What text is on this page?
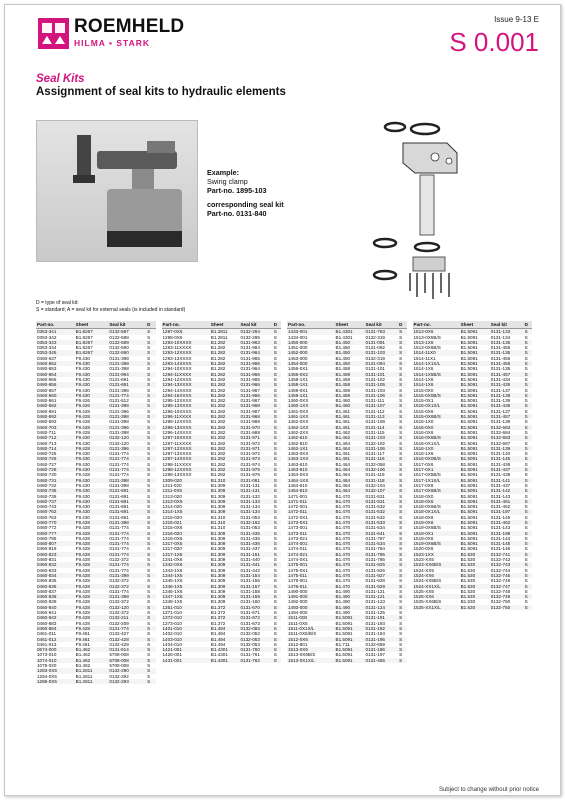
ROEMHELD
HILMA ▪ STARK
Issue 9-13 E
S 0.001
Seal Kits
Assignment of seal kits to hydraulic elements
Example:
Swing clamp
Part-no. 1895-103
corresponding seal kit
Part-no. 0131-840
D = type of seal kit:
S = standard; A = seal kit for external seals (is included in standard)
Part-no.	Sheet	Seal kit	D
0353-341	B1.8267	0132-587	S
0353-342	B1.8267	0132-588	S
0353-343	B1.8267	0132-589	S
0353-344	B1.8267	0132-590	S
0353-345	B1.8267	0132-590	S
0460-637	F9.430	0131-398	S
0460-652	F9.430	0131-398	S
0460-653	F9.430	0131-398	S
0460-654	F9.430	0131-994	S
0460-655	F9.430	0131-691	S
0460-656	F9.430	0131-691	S
0460-657	F9.430	0131-398	S
0460-660	F9.430	0131-774	S
0460-661	F9.426	0131-512	S
0460-682	F9.426	0131-398	S
0460-691	F9.428	0131-396	S
0460-692	F9.428	0131-398	S
0460-693	F9.428	0131-398	S
0460-703	F9.428	0131-396	S
0460-711	F9.428	0131-398	S
0460-712	F9.430	0132-120	S
0460-713	F9.430	0132-120	S
0460-714	F9.428	0131-396	S
0460-725	F9.430	0131-774	S
0460-726	F9.430	0131-774	S
0460-727	F9.430	0131-774	S
0460-728	F9.430	0131-774	S
0460-730	F9.428	0131-774	S
0460-731	F9.430	0131-398	S
0460-732	F9.430	0131-398	S
0460-735	F9.430	0131-691	S
0460-736	F9.430	0131-691	S
0460-737	F9.430	0131-691	S
0460-743	F9.430	0131-691	S
0460-762	F9.430	0131-691	S
0460-763	F9.430	0131-691	S
0460-770	F9.428	0131-398	S
0460-772	F9.428	0131-774	S
0460-777	F9.428	0131-774	S
0460-795	F9.428	0131-774	S
0460-807	F9.428	0131-774	S
0460-819	F9.428	0131-774	S
0460-823	F9.428	0131-774	S
0460-831	F9.428	0132-372	S
0460-832	F9.428	0131-774	S
0460-833	F9.428	0131-774	S
0460-834	F9.428	0131-399	S
0460-835	F9.428	0132-372	S
0460-836	F9.428	0132-372	S
0460-837	F9.428	0131-774	S
0460-838	F9.428	0131-398	S
0460-839	F9.428	0132-372	S
0460-840	F9.428	0132-120	S
0460-841	F9.428	0132-372	S
0460-842	F9.428	0132-211	S
0460-883	F9.428	0132-209	S
0460-884	F9.428	0131-774	S
0461-011	F9.461	0132-427	S
0461-012	F9.461	0132-428	S
0461-013	F9.461	0132-429	S
0674-000	B1.462	0131-614	S
1073-010	B1.462	5708-008	S
1074-010	B1.462	5708-008	S
1075-020	B1.462	5708-008	S
1283-0X5	B1.2811	0132-290	S
1284-0X5	B1.2811	0132-292	S
1286-0X5	B1.2811	0132-293	S
Part-no.	Sheet	Seal kit	D
1287-0X5	B1.2811	0132-294	S
1288-0X5	B1.2811	0132-295	S
1293-10XXXX	B1.282	0131-963	S
1293-11XXXX	B1.282	0131-964	S
1293-12XXXX	B1.282	0131-964	S
1293-13XXXX	B1.282	0131-965	S
1293-14XXXX	B1.282	0131-966	S
1294-10XXXX	B1.282	0131-964	S
1294-11XXXX	B1.282	0131-966	S
1294-12XXXX	B1.282	0131-965	S
1294-13XXXX	B1.282	0131-966	S
1294-14XXXX	B1.282	0131-967	S
1294-15XXXX	B1.282	0131-966	S
1295-12XXXX	B1.282	0131-967	S
1295-13XXXX	B1.282	0131-968	S
1296-10XXXX	B1.282	0131-967	S
1296-11XXXX	B1.282	0131-968	S
1296-12XXXX	B1.282	0131-969	S
1296-13XXXX	B1.282	0131-970	S
1296-14XXXX	B1.282	0131-969	S
1297-10XXXX	B1.282	0131-971	S
1297-11XXXX	B1.282	0131-972	S
1297-12XXXX	B1.282	0131-971	S
1297-13XXXX	B1.282	0131-972	S
1297-14XXXX	B1.282	0131-973	S
1298-11XXXX	B1.282	0131-974	S
1298-12XXXX	B1.282	0131-975	S
1298-13XXXX	B1.282	0131-976	S
1309-020	B1.310	0131-061	S
1311-020	B1.309	0131-131	S
1311-0X5	B1.309	0131-131	S
1313-020	B1.309	0131-132	S
1313-0X5	B1.309	0131-133	S
1314-020	B1.309	0131-134	S
1314-1X5	B1.309	0131-134	S
1315-020	B1.310	0131-053	S
1315-021	B1.310	0132-162	S
1315-0X6	B1.310	0131-053	S
1316-020	B1.309	0131-435	S
1316-0X6	B1.309	0131-435	S
1317-0X5	B1.309	0131-436	S
1317-020	B1.309	0131-437	S
1317-1X5	B1.309	0131-151	S
1341-0X6	B1.309	0131-440	S
1342-0X6	B1.309	0131-441	S
1343-1X6	B1.309	0131-442	S
1344-1X5	B1.309	0131-154	S
1345-1X5	B1.309	0131-156	S
1346-1X5	B1.309	0131-157	S
1346-1X6	B1.309	0131-158	S
1347-1X5	B1.309	0131-159	S
1348-1X5	B1.309	0131-160	S
1351-010	B1.372	0131-670	S
1371-010	B1.372	0131-671	S
1372-010	B1.372	0131-672	S
1373-010	B1.372	0131-673	S
1401-010	B1.494	0132-093	S
1402-010	B1.494	0132-052	S
1403-010	B1.494	0132-053	S
1404-010	B1.494	0132-053	S
1421-001	B1.4301	0131-760	S
1426-001	B1.4301	0131-761	S
1431-001	B1.4301	0131-762	S
Part-no.	Sheet	Seal kit	D
1433-001	B1.4301	0131-763	S
1434-001	B1.4301	0132-319	S
1450-000	B1.450	0131-091	S
1451-000	B1.450	0131-092	S
1452-000	B1.450	0131-103	S
1453-000	B1.450	0132-319	S
1454-000	B1.450	0131-094	S
1456-0X1	B1.458	0131-101	S
1456-0X2	B1.458	0131-101	S
1458-1X1	B1.458	0131-102	S
1458-1X1	B1.458	0131-105	S
1459-0X1	B1.459	0131-103	S
1459-1X1	B1.459	0131-106	S
1460-0XX	B1.460	0131-111	S
1460-1XX	B1.460	0131-107	S
1461-0XX	B1.461	0131-112	S
1461-1XX	B1.461	0131-113	S
1462-0XX	B1.461	0131-108	S
1462-1XX	B1.461	0131-114	S
1462-2XX	B1.462	0131-115	S
1462-610	B1.462	0131-103	S
1462-810	B1.464	0132-102	S
1462-1X1	B1.464	0131-106	S
1463-0XX	B1.461	0131-117	S
1463-1XX	B1.461	0131-116	S
1463-610	B1.464	0132-058	S
1463-810	B1.464	0132-106	S
1464-0XX	B1.464	0131-119	S
1464-1XX	B1.464	0131-118	S
1464-610	B1.464	0132-104	S
1464-810	B1.464	0132-107	S
1471-001	B1.470	0131-531	S
1471-011	B1.470	0131-531	S
1472-001	B1.470	0131-532	S
1472-011	B1.470	0131-532	S
1472-0X1	B1.470	0131-532	S
1473-0X1	B1.470	0131-533	S
1473-001	B1.470	0131-534	S
1473-011	B1.470	0131-641	S
1473-021	B1.470	0131-787	S
1474-001	B1.470	0131-534	S
1474-011	B1.470	0131-784	S
1474-021	B1.470	0131-785	S
1474-0X1	B1.470	0131-786	S
1475-001	B1.470	0131-925	S
1475-0X1	B1.470	0131-926	S
1475-011	B1.470	0131-927	S
1476-001	B1.470	0131-928	S
1476-011	B1.470	0131-929	S
1490-000	B1.490	0131-121	S
1491-000	B1.490	0131-121	S
1492-000	B1.490	0131-123	S
1493-000	B1.490	0131-124	S
1494-000	B1.490	0131-125	S
1511-000	B1.5091	0131-191	S
1511-0X6	B1.5091	0131-193	S
1511-0X1X/L	B1.5091	0131-192	S
1511-0X5/B/S	B1.5091	0131-194	S
1512-0X6	B1.5091	0131-195	S
1512-801	B1.711	0132-659	S
1513-0X6	B1.5091	0131-196	S
1513-0X6B/S	B1.5091	0131-197	S
1513-0X1X/L	B1.5091	0131-455	S
Part-no.	Sheet	Seal kit	D
1513-0X6	B1.5091	0131-133	S
1513-0X5B/S	B1.5091	0131-134	S
1513-1X6	B1.5091	0131-135	S
1513-0X6B/S	B1.5091	0131-455	S
1514-11X0	B1.5091	0131-136	S
1514-11X1	B1.5091	0131-456	S
1514-1X1X/L	B1.5091	0131-456	S
1514-1X6	B1.5091	0131-135	S
1514-1X5B/S	B1.5091	0131-457	S
1514-1X6	B1.5091	0131-434	S
1514-1X6	B1.5091	0131-435	S
1515-0X0	B1.5091	0131-137	S
1515-0X0B/S	B1.5091	0131-138	S
1515-0X1	B1.5091	0131-139	S
1515-0X1X/L	B1.5091	0131-436	S
1515-0X6	B1.5091	0131-137	S
1515-0X6B/S	B1.5091	0131-457	S
1515-1X0	B1.5091	0131-139	S
1516-0X0	B1.5091	0132-683	S
1516-0X6	B1.5091	0132-684	S
1516-0X6B/S	B1.5091	0132-683	S
1516-0X1X/L	B1.5091	0132-687	S
1516-1X0	B1.5091	0131-139	S
1516-1X6	B1.5091	0131-140	S
1516-0X0B/S	B1.5091	0131-145	S
1517-0X6	B1.5091	0131-436	S
1517-0X1	B1.5091	0131-437	S
1517-0X5B/S	B1.5091	0131-438	S
1517-1X1X/L	B1.5091	0131-141	S
1517-0X6	B1.5091	0131-437	S
1517-0X6B/S	B1.5091	0131-142	S
1518-0X0	B1.5091	0131-143	S
1518-0X6	B1.5091	0131-461	S
1518-0X6B/S	B1.5091	0131-462	S
1518-0X1X/L	B1.5091	0131-197	S
1518-0X6	B1.5091	0131-145	S
1519-0X6	B1.5091	0131-462	S
1519-0X6B/S	B1.5091	0131-143	S
1519-0X1	B1.5091	0131-198	S
1519-0X6	B1.5091	0131-144	S
1519-0X6B/S	B1.5091	0131-145	S
1520-0X6	B1.5091	0131-146	S
1523-1XX	B1.530	0132-741	S
1523-XX5	B1.530	0132-742	S
1523-XX6B/S	B1.530	0132-743	S
1524-XX5	B1.530	0132-744	S
1524-XX6	B1.530	0132-745	S
1524-XX5B/S	B1.530	0132-746	S
1524-XX1X/L	B1.530	0132-747	S
1525-XX5	B1.530	0132-748	S
1525-XX6	B1.530	0132-749	S
1525-XX6B/S	B1.530	0132-750	S
1525-XX1X/L	B1.530	0132-750	S
Subject to change without prior notice
